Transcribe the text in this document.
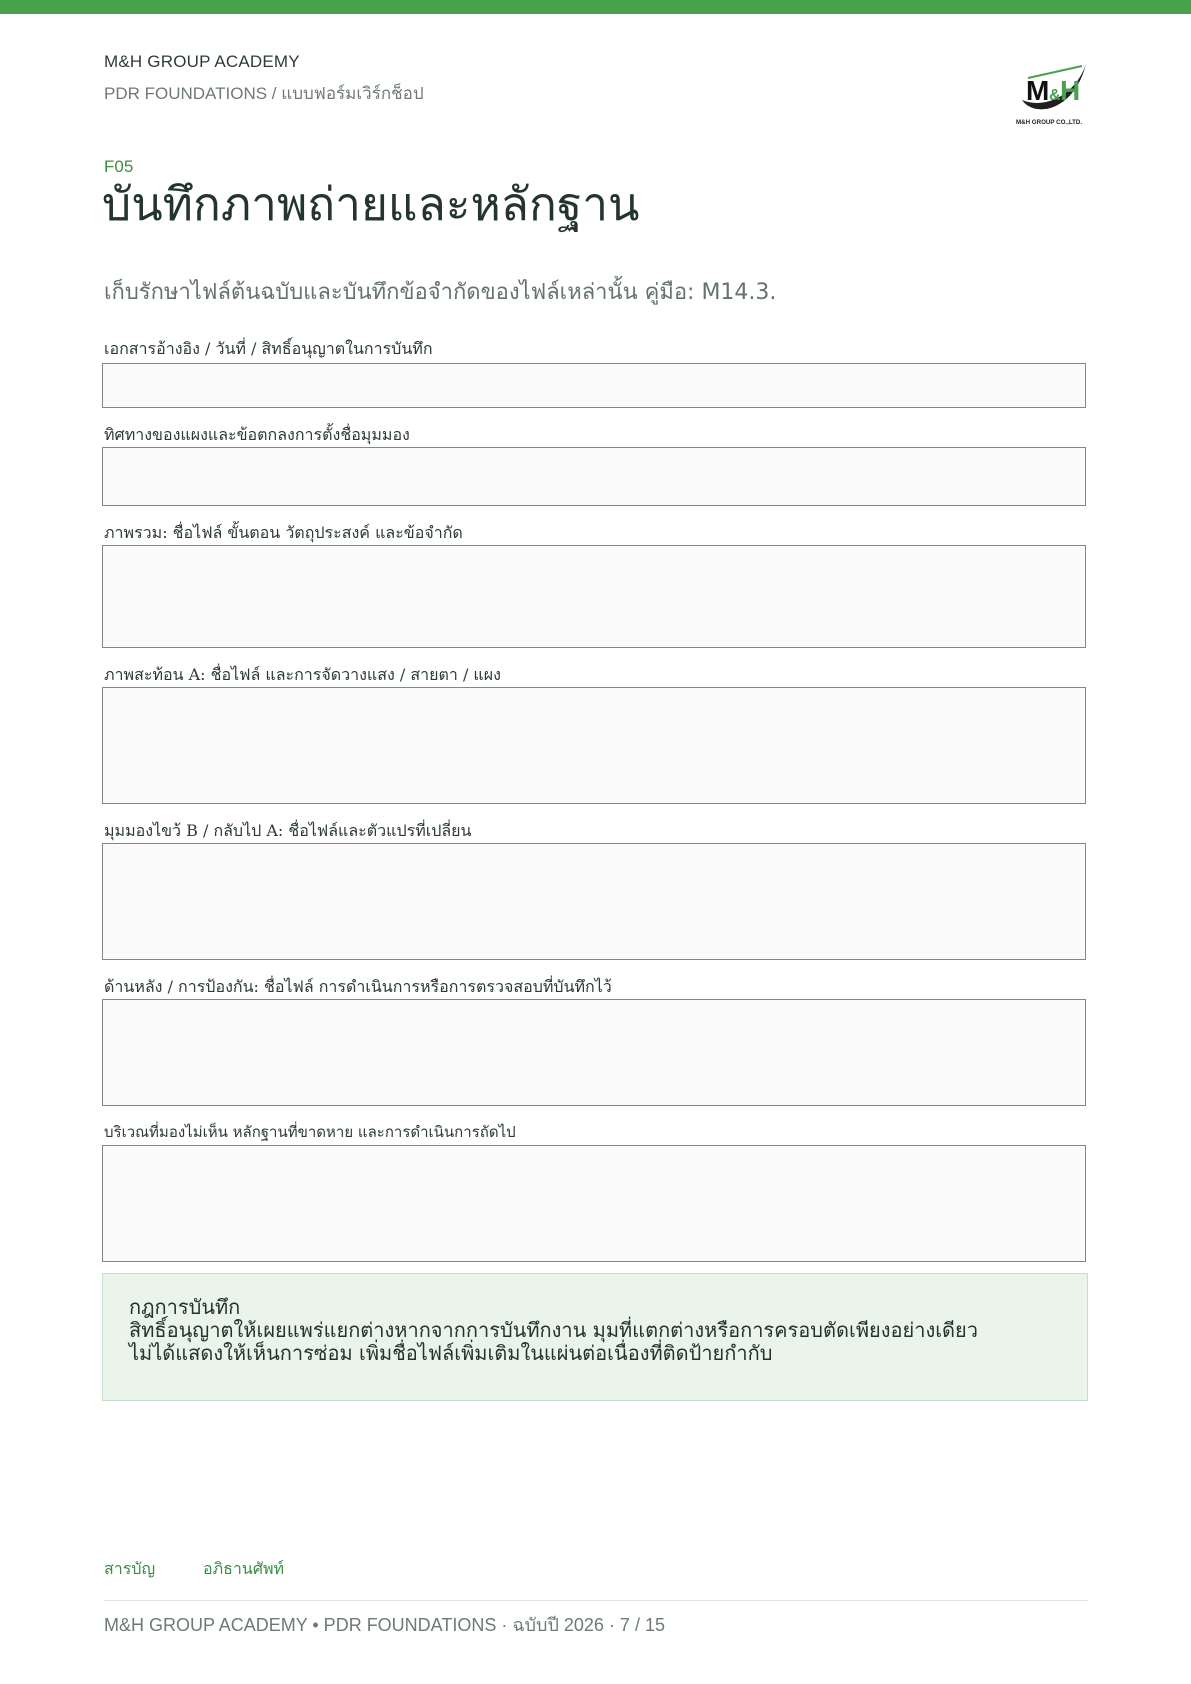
M&H GROUP ACADEMY
PDR FOUNDATIONS / แบบฟอร์มเวิร์กช็อป	M & H
M&H GROUP CO.,LTD.
F05
บันทึกภาพถ่ายและหลักฐาน
เก็บรักษาไฟล์ต้นฉบับและบันทึกข้อจำกัดของไฟล์เหล่านั้น คู่มือ: M14.3.
เอกสารอ้างอิง / วันที่ / สิทธิ์อนุญาตในการบันทึก
ทิศทางของแผงและข้อตกลงการตั้งชื่อมุมมอง
ภาพรวม: ชื่อไฟล์ ขั้นตอน วัตถุประสงค์ และข้อจำกัด
ภาพสะท้อน A: ชื่อไฟล์ และการจัดวางแสง / สายตา / แผง
มุมมองไขว้ B / กลับไป A: ชื่อไฟล์และตัวแปรที่เปลี่ยน
ด้านหลัง / การป้องกัน: ชื่อไฟล์ การดำเนินการหรือการตรวจสอบที่บันทึกไว้
บริเวณที่มองไม่เห็น หลักฐานที่ขาดหาย และการดำเนินการถัดไป
กฎการบันทึก
สิทธิ์อนุญาตให้เผยแพร่แยกต่างหากจากการบันทึกงาน มุมที่แตกต่างหรือการครอบตัดเพียงอย่างเดียว
ไม่ได้แสดงให้เห็นการซ่อม เพิ่มชื่อไฟล์เพิ่มเติมในแผ่นต่อเนื่องที่ติดป้ายกำกับ
สารบัญ	อภิธานศัพท์
M&H GROUP ACADEMY • PDR FOUNDATIONS · ฉบับปี 2026 · 7 / 15
